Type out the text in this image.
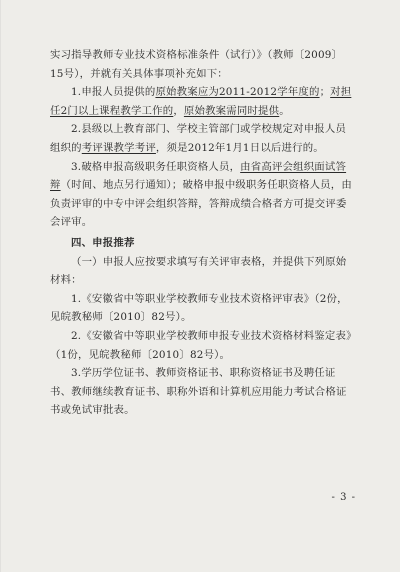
实习指导教师专业技术资格标准条件（试行）》（教师〔2009〕

15号），并就有关具体事项补充如下：

1.申报人员提供的原始教案应为2011-2012学年度的；对担任2门以上课程教学工作的，原始教案需同时提供。

2.县级以上教育部门、学校主管部门或学校规定对申报人员组织的考评课教学考评，须是2012年1月1日以后进行的。

3.破格申报高级职务任职资格人员，由省高评会组织面试答辩（时间、地点另行通知）；破格申报中级职务任职资格人员，由负责评审的中专中评会组织答辩，答辩成绩合格者方可提交评委会评审。

四、申报推荐

（一）申报人应按要求填写有关评审表格，并提供下列原始材料：

1.《安徽省中等职业学校教师专业技术资格评审表》（2份，见皖教秘师〔2010〕82号）。

2.《安徽省中等职业学校教师申报专业技术资格材料鉴定表》（1份，见皖教秘师〔2010〕82号）。

3.学历学位证书、教师资格证书、职称资格证书及聘任证书、教师继续教育证书、职称外语和计算机应用能力考试合格证书或免试审批表。

- 3 -
